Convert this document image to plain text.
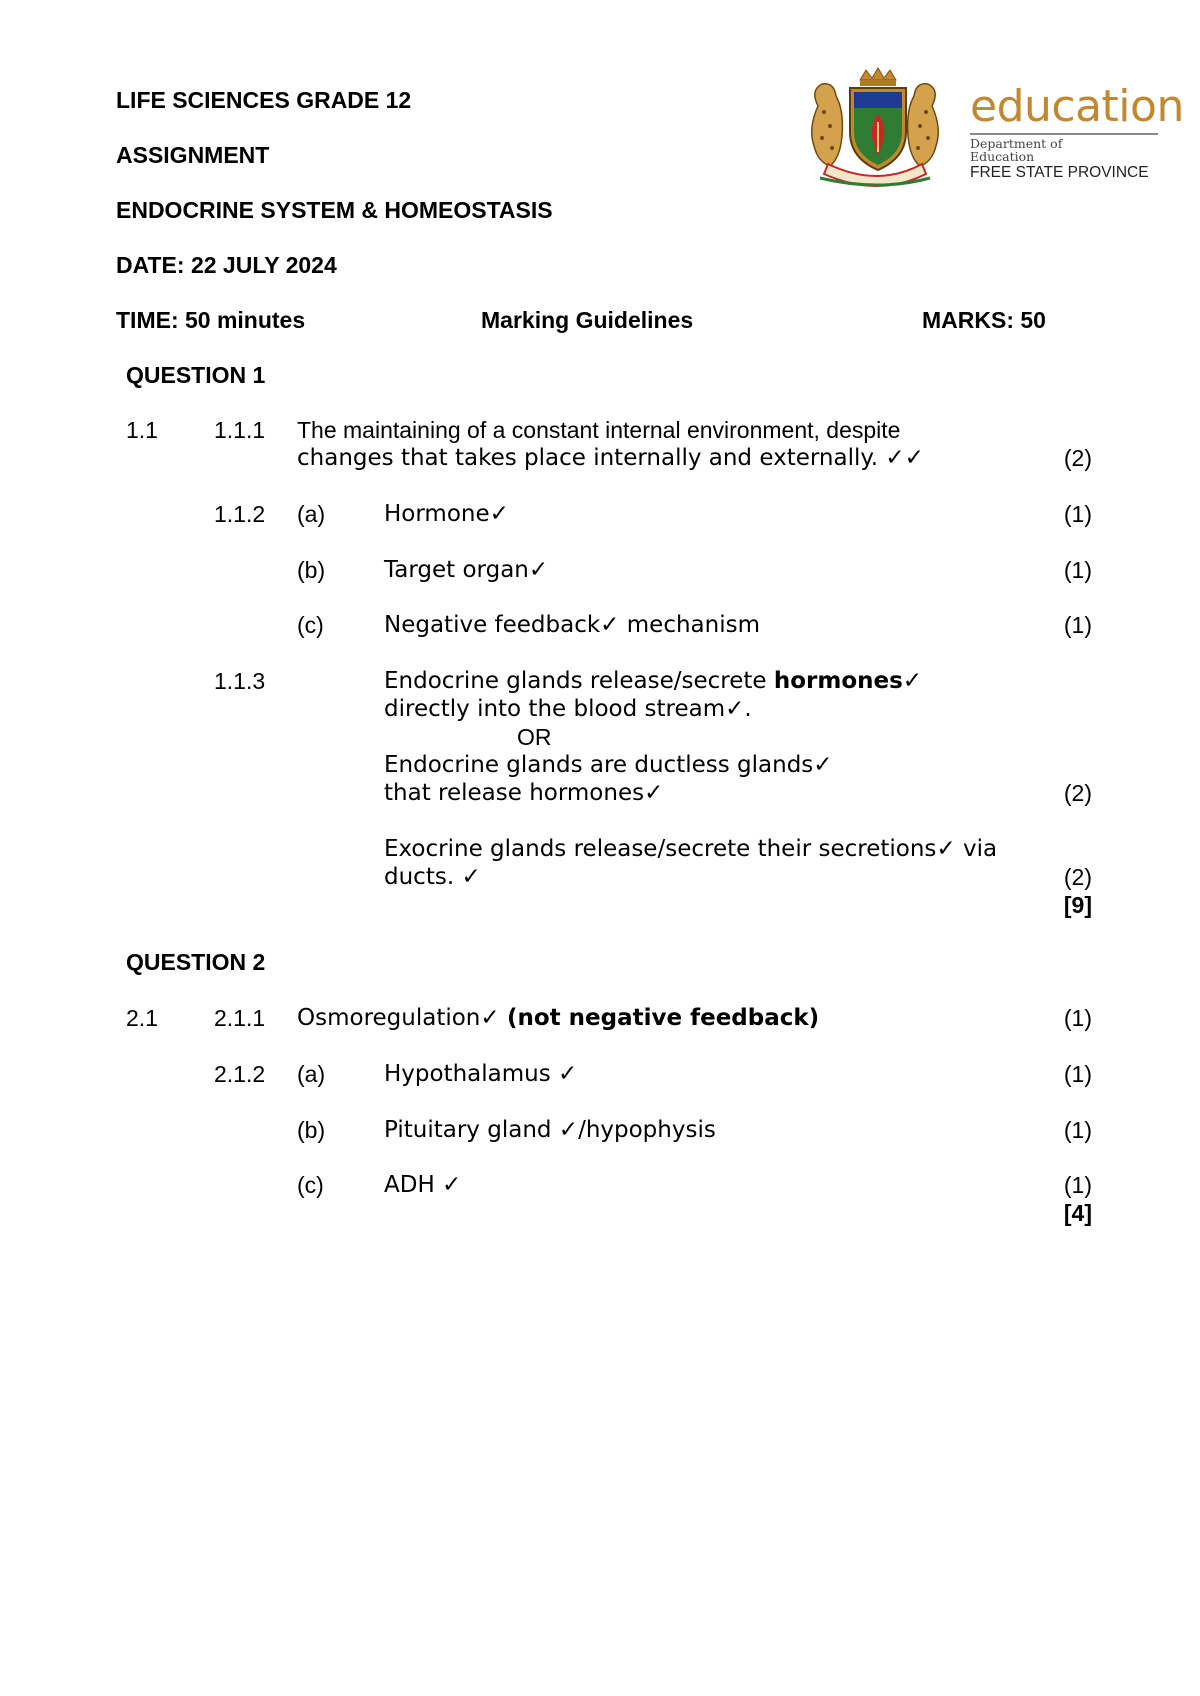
LIFE SCIENCES GRADE 12
ASSIGNMENT
ENDOCRINE SYSTEM & HOMEOSTASIS
DATE: 22 JULY 2024
TIME: 50 minutes	Marking Guidelines	MARKS: 50
education
Department of
Education
FREE STATE PROVINCE
QUESTION 1
1.1 1.1.1 The maintaining of a constant internal environment, despite
changes that takes place internally and externally. ✓✓	(2)
1.1.2 (a)	Hormone✓	(1)
(b)	Target organ✓	(1)
(c)	Negative feedback✓ mechanism	(1)
1.1.3	Endocrine glands release/secrete hormones✓
directly into the blood stream✓.
OR
Endocrine glands are ductless glands✓
that release hormones✓	(2)
Exocrine glands release/secrete their secretions✓ via
ducts. ✓	(2)
[9]
QUESTION 2
2.1 2.1.1 Osmoregulation✓ (not negative feedback)	(1)
2.1.2 (a)	Hypothalamus ✓	(1)
(b)	Pituitary gland ✓/hypophysis	(1)
(c)	ADH ✓	(1)
[4]
